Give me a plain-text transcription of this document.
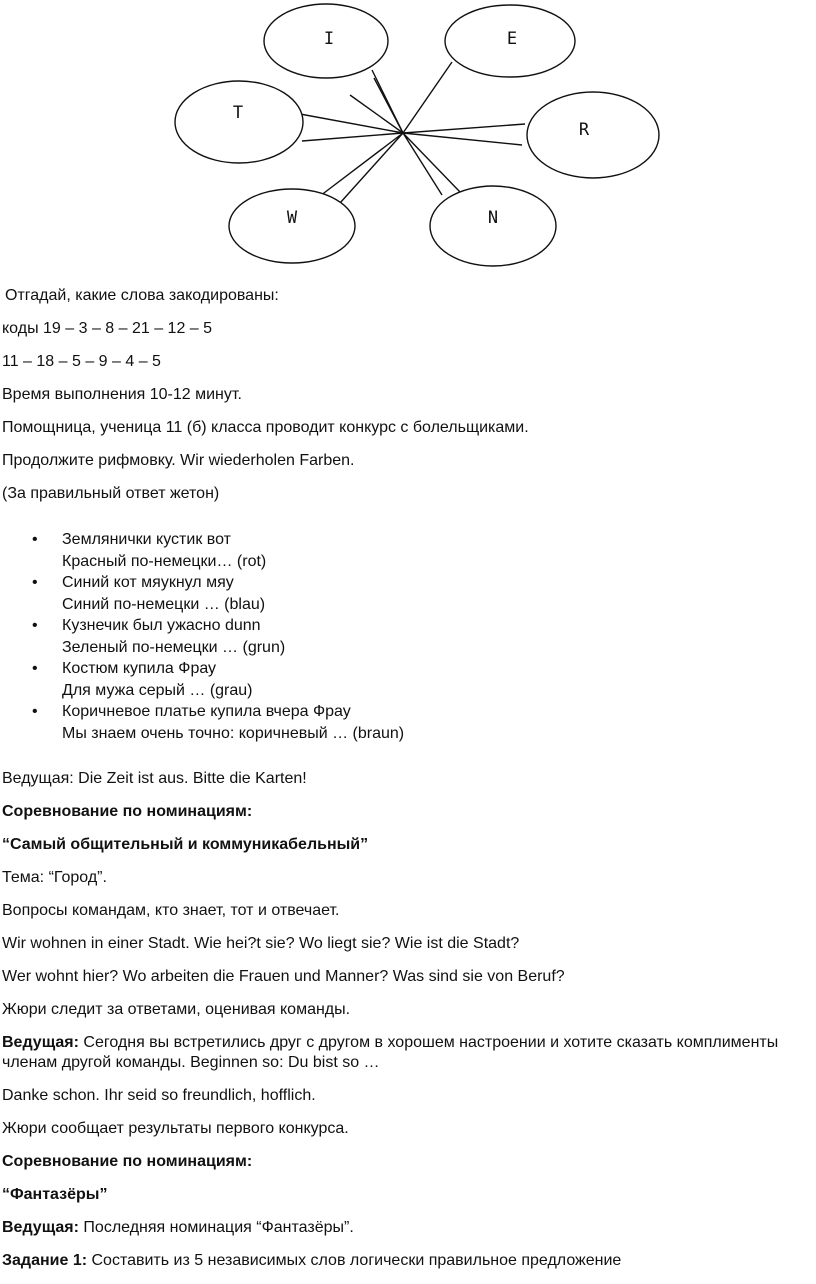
I	E
T
R
W	N

Отгадай, какие слова закодированы:

коды 19 – 3 – 8 – 21 – 12 – 5

11 – 18 – 5 – 9 – 4 – 5

Время выполнения 10-12 минут.

Помощница, ученица 11 (б) класса проводит конкурс с болельщиками.

Продолжите рифмовку. Wir wiederholen Farben.

(За правильный ответ жетон)

• Землянички кустик вот
Красный по-немецки… (rot)
• Синий кот мяукнул мяу
Синий по-немецки … (blau)
• Кузнечик был ужасно dunn
Зеленый по-немецки … (grun)
• Костюм купила Фрау
Для мужа серый … (grau)
• Коричневое платье купила вчера Фрау
Мы знаем очень точно: коричневый … (braun)

Ведущая: Die Zeit ist aus. Bitte die Karten!

Соревнование по номинациям:

“Самый общительный и коммуникабельный”

Тема: “Город”.

Вопросы командам, кто знает, тот и отвечает.

Wir wohnen in einer Stadt. Wie hei?t sie? Wo liegt sie? Wie ist die Stadt?

Wer wohnt hier? Wo arbeiten die Frauen und Manner? Was sind sie von Beruf?

Жюри следит за ответами, оценивая команды.

Ведущая: Сегодня вы встретились друг с другом в хорошем настроении и хотите сказать комплименты членам другой команды. Beginnen so: Du bist so …

Danke schon. Ihr seid so freundlich, hofflich.

Жюри сообщает результаты первого конкурса.

Соревнование по номинациям:

“Фантазёры”

Ведущая: Последняя номинация “Фантазёры”.

Задание 1: Составить из 5 независимых слов логически правильное предложение
